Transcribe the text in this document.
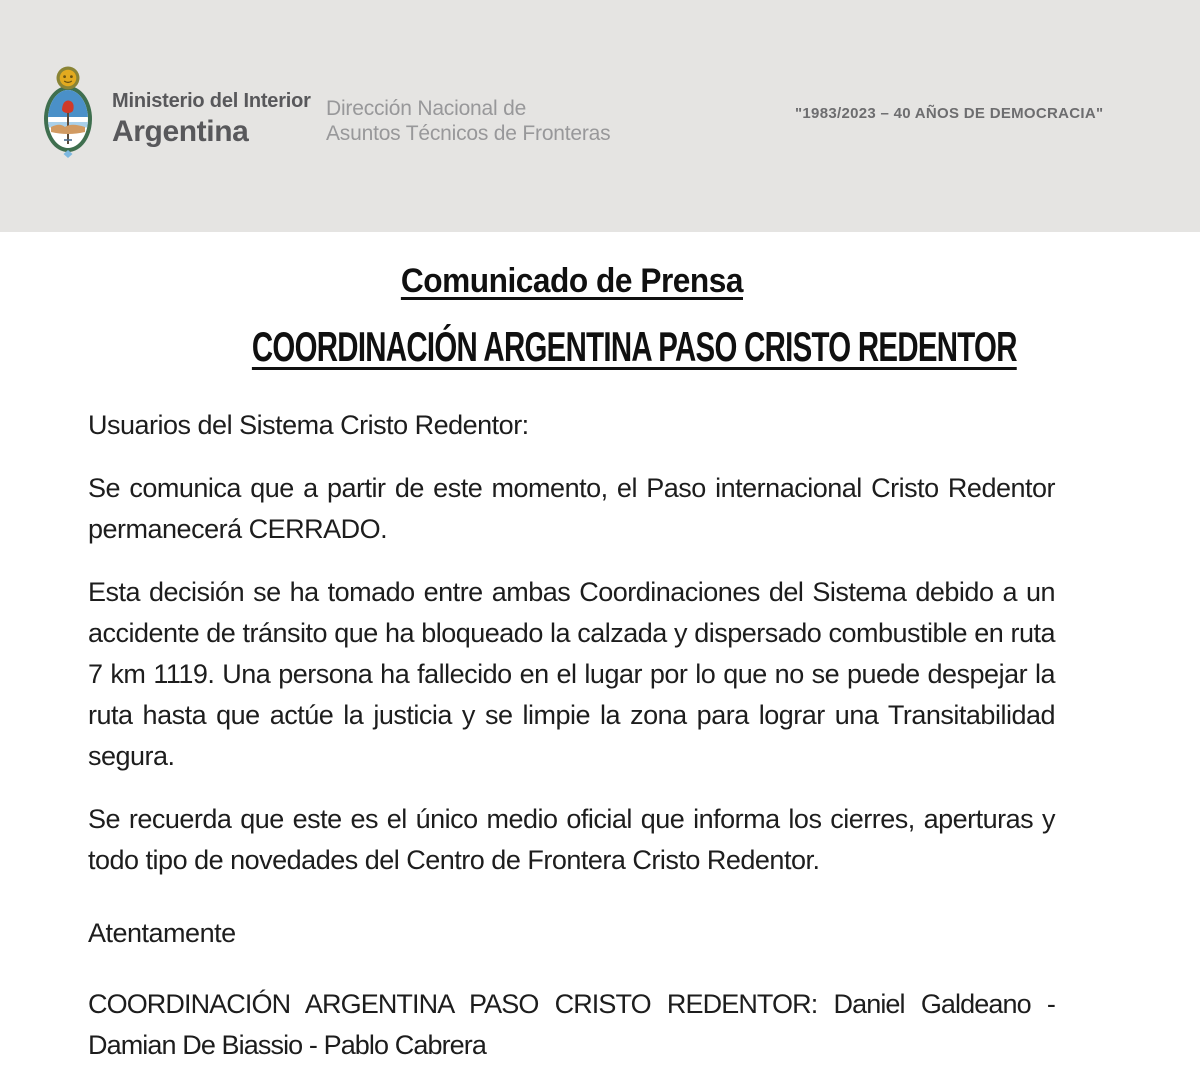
Ministerio del Interior
Argentina
Dirección Nacional de
Asuntos Técnicos de Fronteras
"1983/2023 – 40 AÑOS DE DEMOCRACIA"
Comunicado de Prensa
COORDINACIÓN ARGENTINA PASO CRISTO REDENTOR

Usuarios del Sistema Cristo Redentor:

Se comunica que a partir de este momento, el Paso internacional Cristo Redentor permanecerá CERRADO.

Esta decisión se ha tomado entre ambas Coordinaciones del Sistema debido a un accidente de tránsito que ha bloqueado la calzada y dispersado combustible en ruta 7 km 1119. Una persona ha fallecido en el lugar por lo que no se puede despejar la ruta hasta que actúe la justicia y se limpie la zona para lograr una Transitabilidad segura.

Se recuerda que este es el único medio oficial que informa los cierres, aperturas y todo tipo de novedades del Centro de Frontera Cristo Redentor.

Atentamente

COORDINACIÓN ARGENTINA PASO CRISTO REDENTOR: Daniel Galdeano - Damian De Biassio - Pablo Cabrera
